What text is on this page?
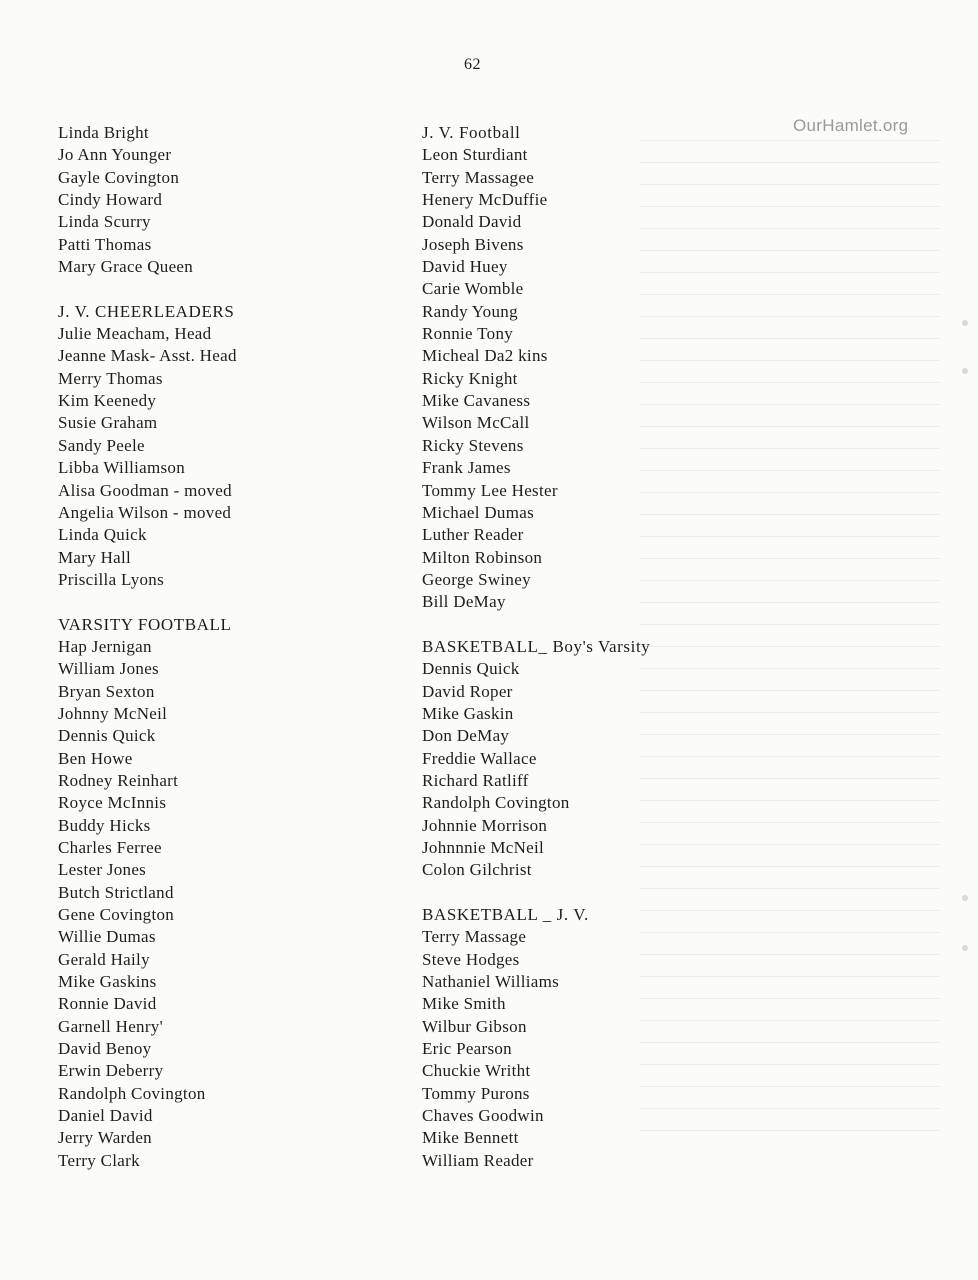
62
OurHamlet.org
Linda Bright
Jo Ann Younger
Gayle Covington
Cindy Howard
Linda Scurry
Patti Thomas
Mary Grace Queen
J. V. CHEERLEADERS
Julie Meacham, Head
Jeanne Mask- Asst. Head
Merry Thomas
Kim Keenedy
Susie Graham
Sandy Peele
Libba Williamson
Alisa Goodman - moved
Angelia Wilson - moved
Linda Quick
Mary Hall
Priscilla Lyons
VARSITY FOOTBALL
Hap Jernigan
William Jones
Bryan Sexton
Johnny McNeil
Dennis Quick
Ben Howe
Rodney Reinhart
Royce McInnis
Buddy Hicks
Charles Ferree
Lester Jones
Butch Strictland
Gene Covington
Willie Dumas
Gerald Haily
Mike Gaskins
Ronnie David
Garnell Henry'
David Benoy
Erwin Deberry
Randolph Covington
Daniel David
Jerry Warden
Terry Clark
J. V. Football
Leon Sturdiant
Terry Massagee
Henery McDuffie
Donald David
Joseph Bivens
David Huey
Carie Womble
Randy Young
Ronnie Tony
Micheal Da2 kins
Ricky Knight
Mike Cavaness
Wilson McCall
Ricky Stevens
Frank James
Tommy Lee Hester
Michael Dumas
Luther Reader
Milton Robinson
George Swiney
Bill DeMay
BASKETBALL_ Boy's Varsity
Dennis Quick
David Roper
Mike Gaskin
Don DeMay
Freddie Wallace
Richard Ratliff
Randolph Covington
Johnnie Morrison
Johnnnie McNeil
Colon Gilchrist
BASKETBALL _ J. V.
Terry Massage
Steve Hodges
Nathaniel Williams
Mike Smith
Wilbur Gibson
Eric Pearson
Chuckie Writht
Tommy Purons
Chaves Goodwin
Mike Bennett
William Reader
